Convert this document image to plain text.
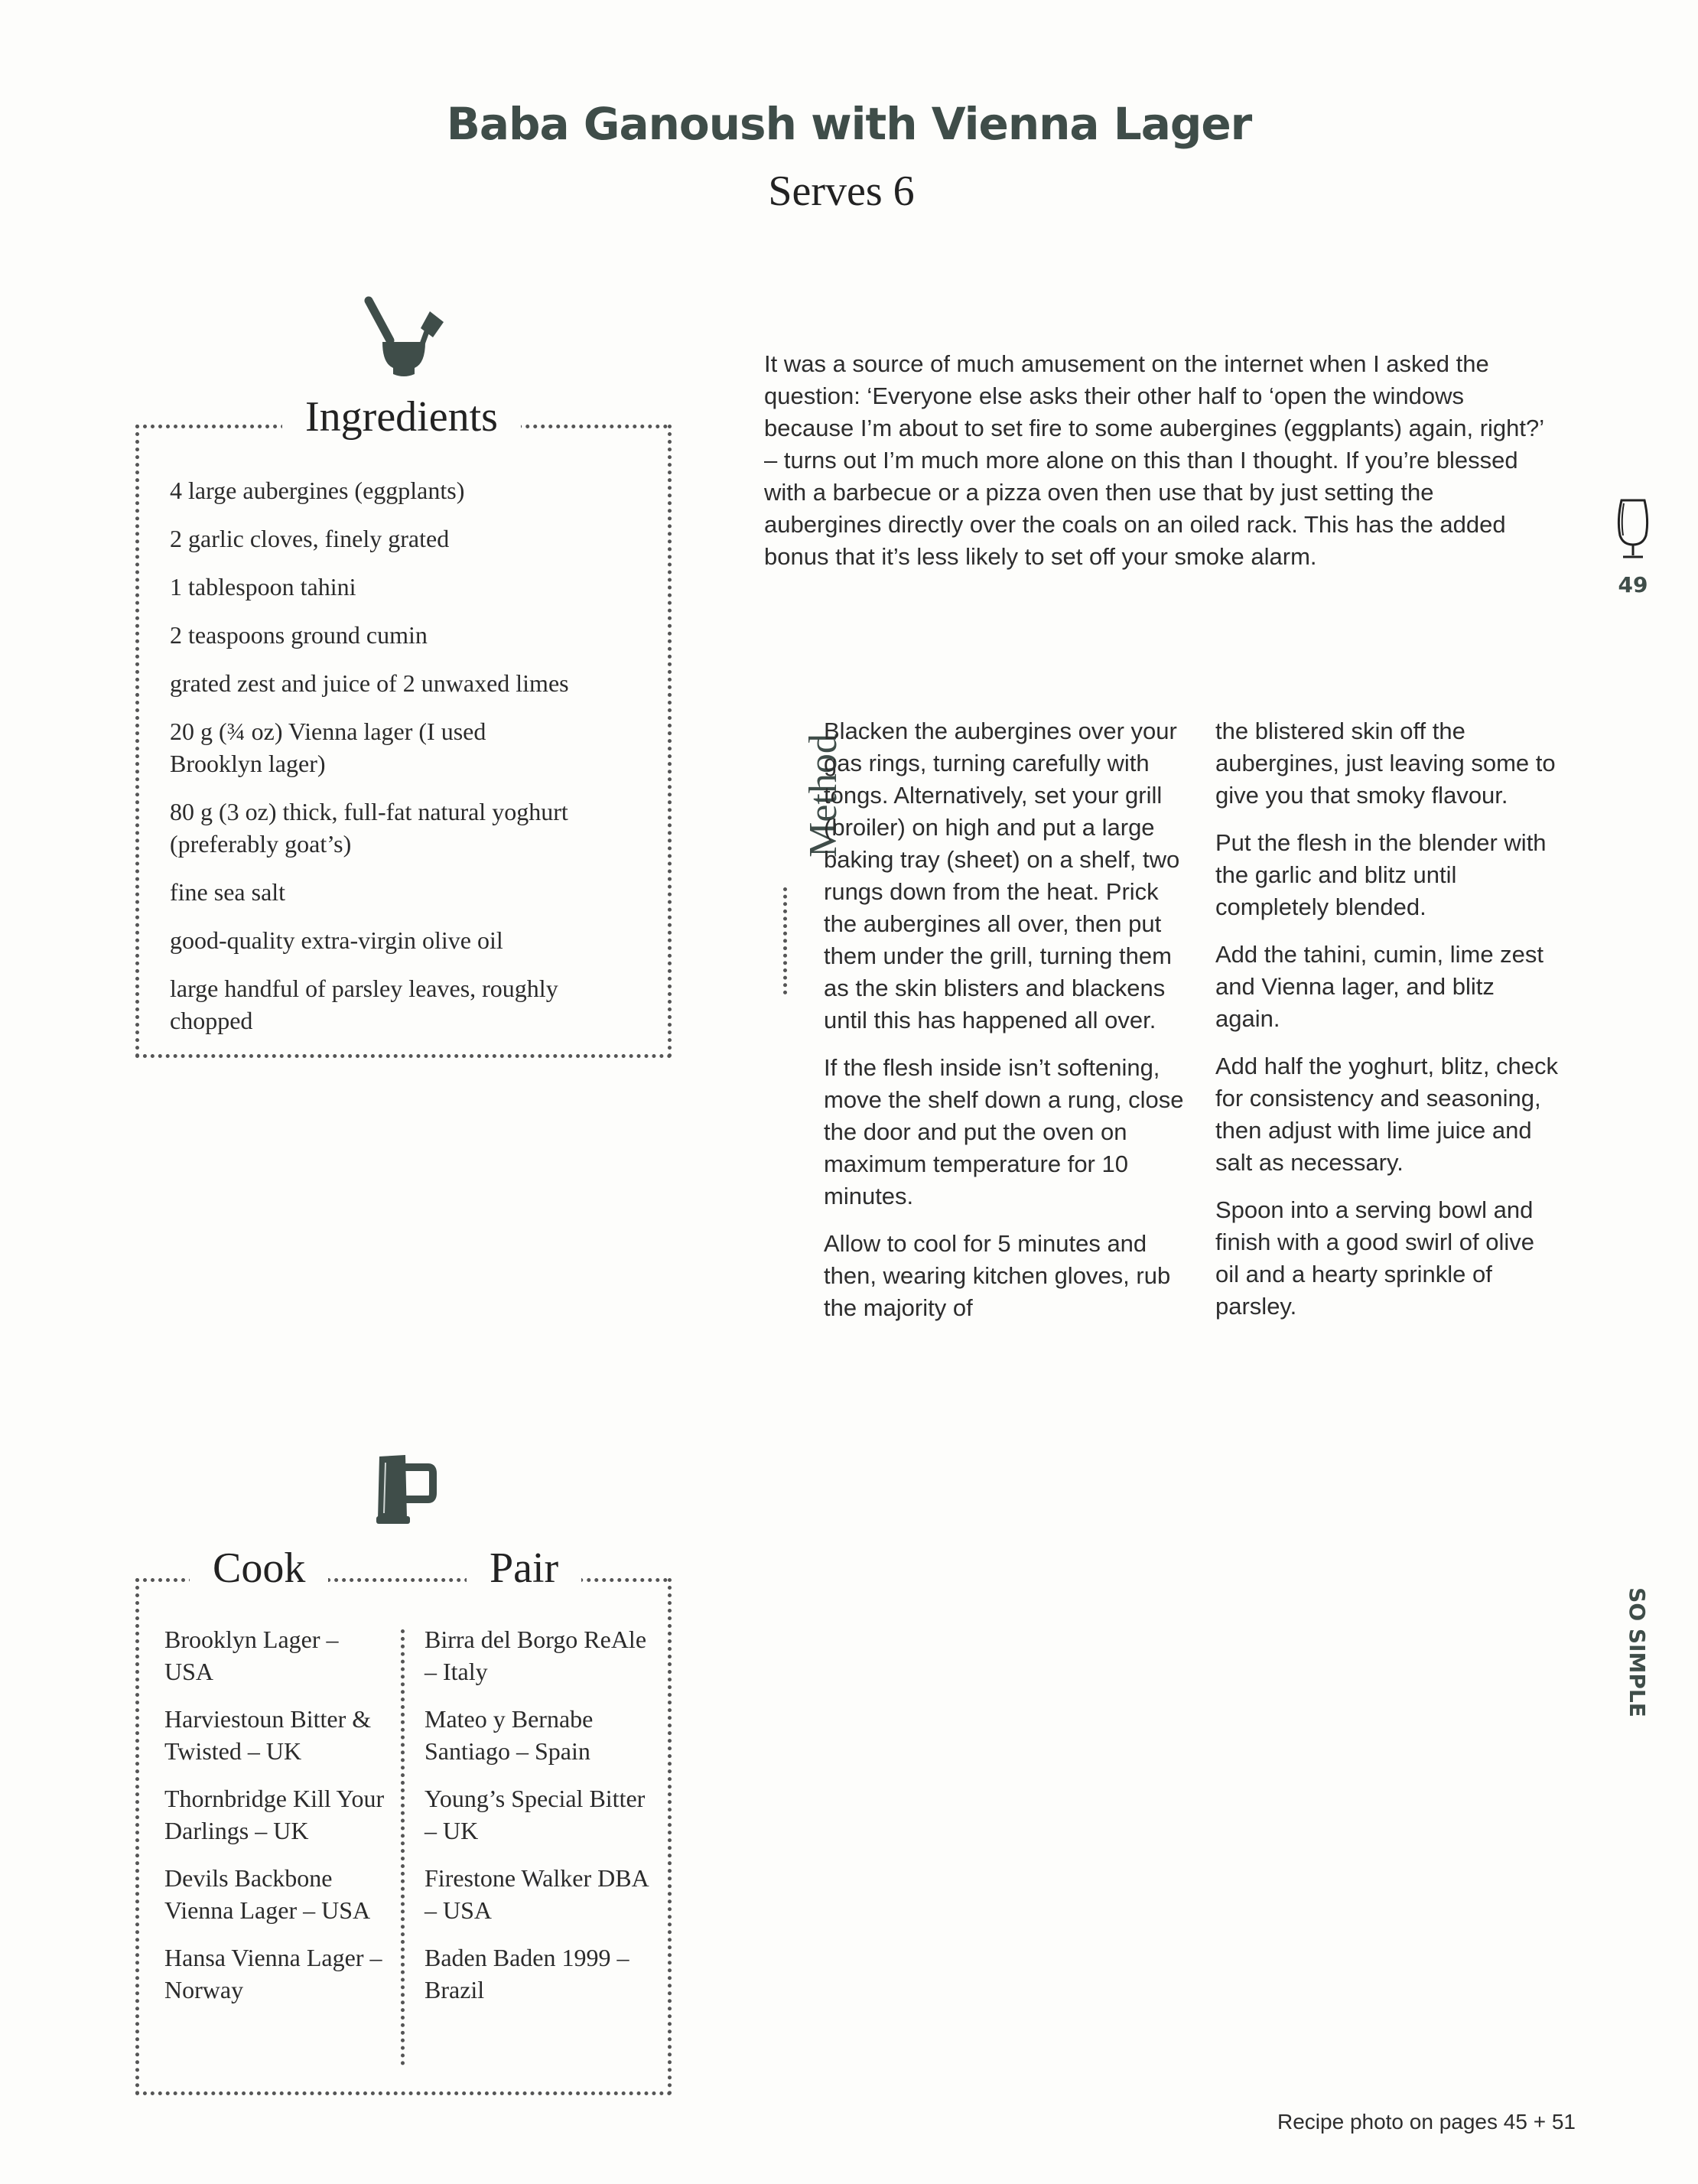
Baba Ganoush with Vienna Lager
Serves 6
Ingredients
4 large aubergines (eggplants)
2 garlic cloves, finely grated
1 tablespoon tahini
2 teaspoons ground cumin
grated zest and juice of 2 unwaxed limes
20 g (¾ oz) Vienna lager (I used Brooklyn lager)
80 g (3 oz) thick, full-fat natural yoghurt (preferably goat’s)
fine sea salt
good-quality extra-virgin olive oil
large handful of parsley leaves, roughly chopped
It was a source of much amusement on the internet when I asked the question: ‘Everyone else asks their other half to ‘open the windows because I’m about to set fire to some aubergines (eggplants) again, right?’ – turns out I’m much more alone on this than I thought. If you’re blessed with a barbecue or a pizza oven then use that by just setting the aubergines directly over the coals on an oiled rack. This has the added bonus that it’s less likely to set off your smoke alarm.
49
Method

Blacken the aubergines over your gas rings, turning carefully with tongs. Alternatively, set your grill (broiler) on high and put a large baking tray (sheet) on a shelf, two rungs down from the heat. Prick the aubergines all over, then put them under the grill, turning them as the skin blisters and blackens until this has happened all over.

If the flesh inside isn’t softening, move the shelf down a rung, close the door and put the oven on maximum temperature for 10 minutes.

Allow to cool for 5 minutes and then, wearing kitchen gloves, rub the majority of

the blistered skin off the aubergines, just leaving some to give you that smoky flavour.

Put the flesh in the blender with the garlic and blitz until completely blended.

Add the tahini, cumin, lime zest and Vienna lager, and blitz again.

Add half the yoghurt, blitz, check for consistency and seasoning, then adjust with lime juice and salt as necessary.

Spoon into a serving bowl and finish with a good swirl of olive oil and a hearty sprinkle of parsley.

Cook	Pair
Brooklyn Lager – USA
Harviestoun Bitter & Twisted – UK
Thornbridge Kill Your Darlings – UK
Devils Backbone Vienna Lager – USA
Hansa Vienna Lager – Norway
Birra del Borgo ReAle – Italy
Mateo y Bernabe Santiago – Spain
Young’s Special Bitter – UK
Firestone Walker DBA – USA
Baden Baden 1999 – Brazil
SO SIMPLE
Recipe photo on pages 45 + 51
